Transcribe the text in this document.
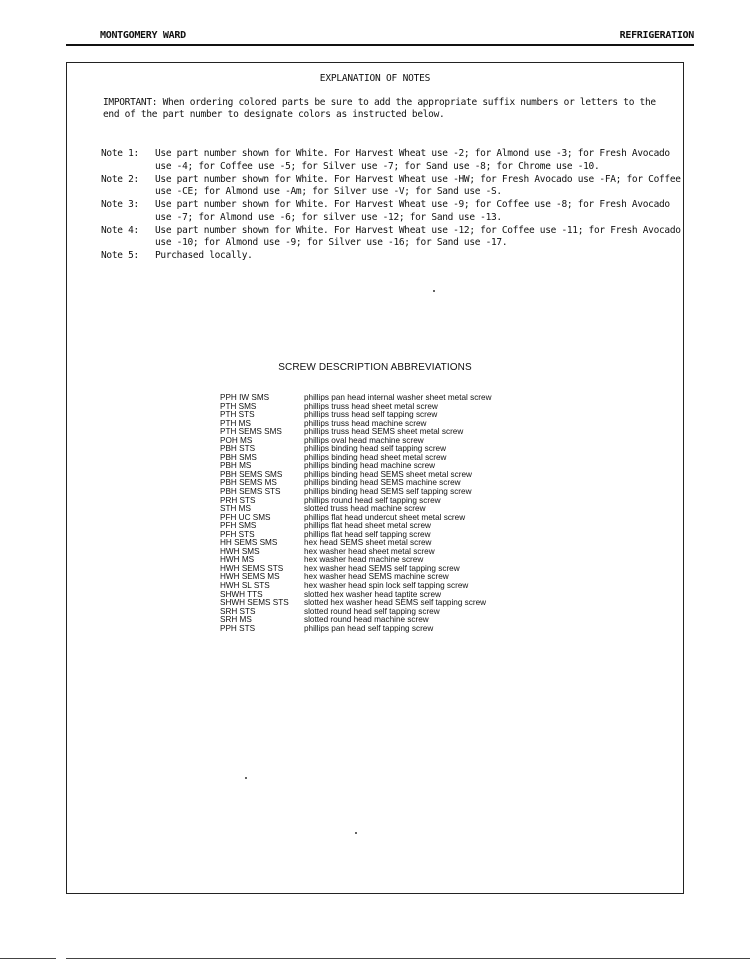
MONTGOMERY WARD	REFRIGERATION
EXPLANATION OF NOTES
IMPORTANT: When ordering colored parts be sure to add the appropriate suffix numbers or letters to the end of the part number to designate colors as instructed below.
Note 1:	Use part number shown for White. For Harvest Wheat use -2; for Almond use -3; for Fresh Avocado use -4; for Coffee use -5; for Silver use -7; for Sand use -8; for Chrome use -10.
Note 2:	Use part number shown for White. For Harvest Wheat use -HW; for Fresh Avocado use -FA; for Coffee use -CE; for Almond use -Am; for Silver use -V; for Sand use -S.
Note 3:	Use part number shown for White. For Harvest Wheat use -9; for Coffee use -8; for Fresh Avocado use -7; for Almond use -6; for silver use -12; for Sand use -13.
Note 4:	Use part number shown for White. For Harvest Wheat use -12; for Coffee use -11; for Fresh Avocado use -10; for Almond use -9; for Silver use -16; for Sand use -17.
Note 5:	Purchased locally.
SCREW DESCRIPTION ABBREVIATIONS
PPH IW SMS	phillips pan head internal washer sheet metal screw
PTH SMS	phillips truss head sheet metal screw
PTH STS	phillips truss head self tapping screw
PTH MS	phillips truss head machine screw
PTH SEMS SMS	phillips truss head SEMS sheet metal screw
POH MS	phillips oval head machine screw
PBH STS	phillips binding head self tapping screw
PBH SMS	phillips binding head sheet metal screw
PBH MS	phillips binding head machine screw
PBH SEMS SMS	phillips binding head SEMS sheet metal screw
PBH SEMS MS	phillips binding head SEMS machine screw
PBH SEMS STS	phillips binding head SEMS self tapping screw
PRH STS	phillips round head self tapping screw
STH MS	slotted truss head machine screw
PFH UC SMS	phillips flat head undercut sheet metal screw
PFH SMS	phillips flat head sheet metal screw
PFH STS	phillips flat head self tapping screw
HH SEMS SMS	hex head SEMS sheet metal screw
HWH SMS	hex washer head sheet metal screw
HWH MS	hex washer head machine screw
HWH SEMS STS	hex washer head SEMS self tapping screw
HWH SEMS MS	hex washer head SEMS machine screw
HWH SL STS	hex washer head spin lock self tapping screw
SHWH TTS	slotted hex washer head taptite screw
SHWH SEMS STS	slotted hex washer head SEMS self tapping screw
SRH STS	slotted round head self tapping screw
SRH MS	slotted round head machine screw
PPH STS	phillips pan head self tapping screw
